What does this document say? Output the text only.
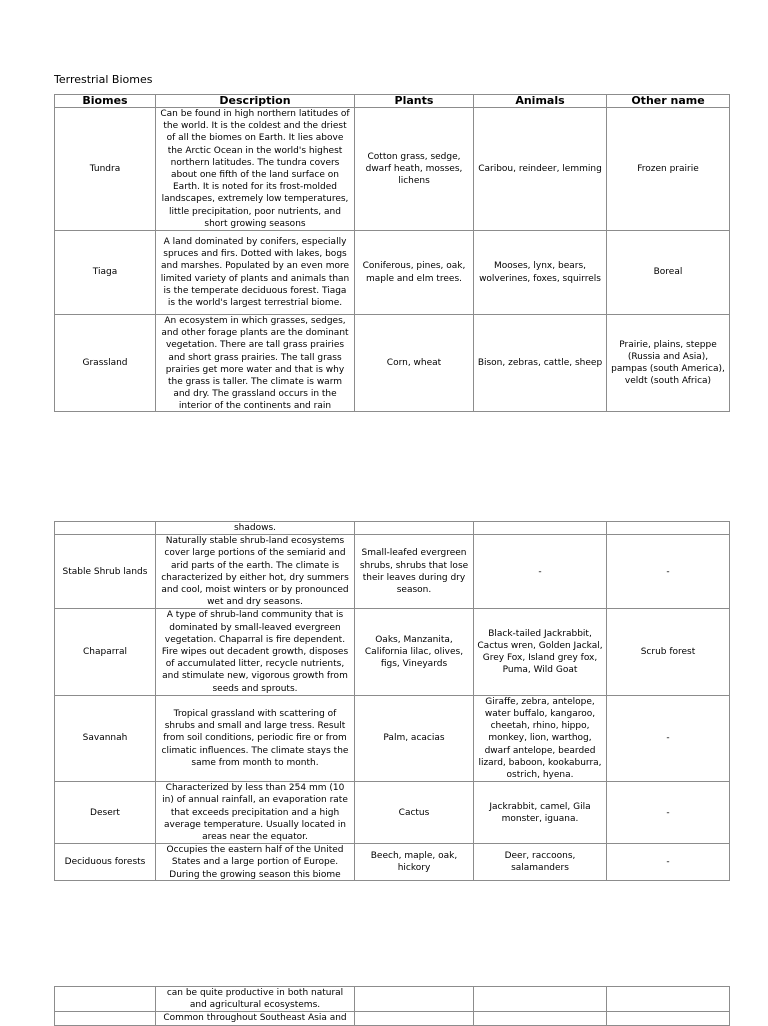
Terrestrial Biomes
Biomes	Description	Plants	Animals	Other name
Tundra	Can be found in high northern latitudes of the world. It is the coldest and the driest of all the biomes on Earth. It lies above the Arctic Ocean in the world's highest northern latitudes. The tundra covers about one fifth of the land surface on Earth. It is noted for its frost-molded landscapes, extremely low temperatures, little precipitation, poor nutrients, and short growing seasons	Cotton grass, sedge, dwarf heath, mosses, lichens	Caribou, reindeer, lemming	Frozen prairie
Tiaga	A land dominated by conifers, especially spruces and firs. Dotted with lakes, bogs and marshes. Populated by an even more limited variety of plants and animals than is the temperate deciduous forest. Tiaga is the world's largest terrestrial biome.	Coniferous, pines, oak, maple and elm trees.	Mooses, lynx, bears, wolverines, foxes, squirrels	Boreal
Grassland	An ecosystem in which grasses, sedges, and other forage plants are the dominant vegetation. There are tall grass prairies and short grass prairies. The tall grass prairies get more water and that is why the grass is taller. The climate is warm and dry. The grassland occurs in the interior of the continents and rain	Corn, wheat	Bison, zebras, cattle, sheep	Prairie, plains, steppe (Russia and Asia), pampas (south America), veldt (south Africa)
	shadows.			
Stable Shrub lands	Naturally stable shrub-land ecosystems cover large portions of the semiarid and arid parts of the earth. The climate is characterized by either hot, dry summers and cool, moist winters or by pronounced wet and dry seasons.	Small-leafed evergreen shrubs, shrubs that lose their leaves during dry season.	-	-
Chaparral	A type of shrub-land community that is dominated by small-leaved evergreen vegetation. Chaparral is fire dependent. Fire wipes out decadent growth, disposes of accumulated litter, recycle nutrients, and stimulate new, vigorous growth from seeds and sprouts.	Oaks, Manzanita, California lilac, olives, figs, Vineyards	Black-tailed Jackrabbit, Cactus wren, Golden Jackal, Grey Fox, Island grey fox, Puma, Wild Goat	Scrub forest
Savannah	Tropical grassland with scattering of shrubs and small and large tress. Result from soil conditions, periodic fire or from climatic influences. The climate stays the same from month to month.	Palm, acacias	Giraffe, zebra, antelope, water buffalo, kangaroo, cheetah, rhino, hippo, monkey, lion, warthog, dwarf antelope, bearded lizard, baboon, kookaburra, ostrich, hyena.	-
Desert	Characterized by less than 254 mm (10 in) of annual rainfall, an evaporation rate that exceeds precipitation and a high average temperature. Usually located in areas near the equator.	Cactus	Jackrabbit, camel, Gila monster, iguana.	-
Deciduous forests	Occupies the eastern half of the United States and a large portion of Europe. During the growing season this biome	Beech, maple, oak, hickory	Deer, raccoons, salamanders	-
	can be quite productive in both natural and agricultural ecosystems.			

	Common throughout Southeast Asia and			
